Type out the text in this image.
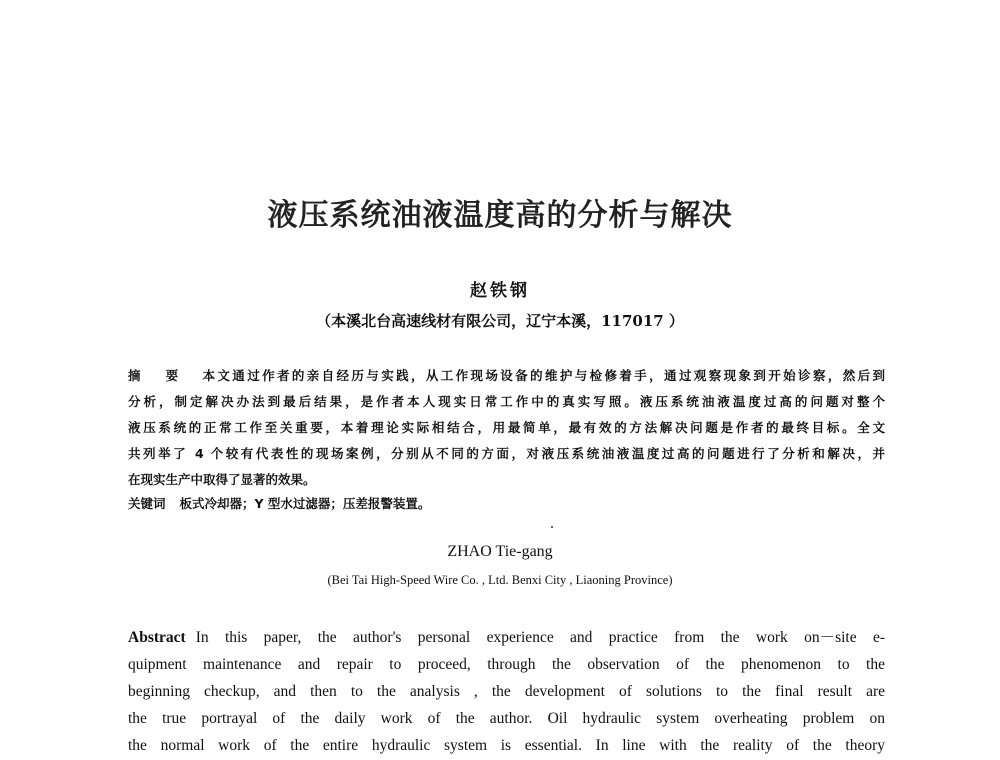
液压系统油液温度高的分析与解决
赵铁钢
（本溪北台高速线材有限公司，辽宁本溪，117017 ）
摘 要 本文通过作者的亲自经历与实践，从工作现场设备的维护与检修着手，通过观察现象到开始诊察，然后到
分析，制定解决办法到最后结果，是作者本人现实日常工作中的真实写照。液压系统油液温度过高的问题对整个
液压系统的正常工作至关重要，本着理论实际相结合，用最简单，最有效的方法解决问题是作者的最终目标。全文
共列举了 4 个较有代表性的现场案例，分别从不同的方面，对液压系统油液温度过高的问题进行了分析和解决，并
在现实生产中取得了显著的效果。
关键词 板式冷却器；Y 型水过滤器；压差报警装置。
ZHAO Tie-gang
(Bei Tai High-Speed Wire Co. , Ltd. Benxi City , Liaoning Province)
Abstract In this paper, the author's personal experience and practice from the work on－site e-
quipment maintenance and repair to proceed, through the observation of the phenomenon to the
beginning checkup, and then to the analysis , the development of solutions to the final result are
the true portrayal of the daily work of the author. Oil hydraulic system overheating problem on
the normal work of the entire hydraulic system is essential. In line with the reality of the theory
